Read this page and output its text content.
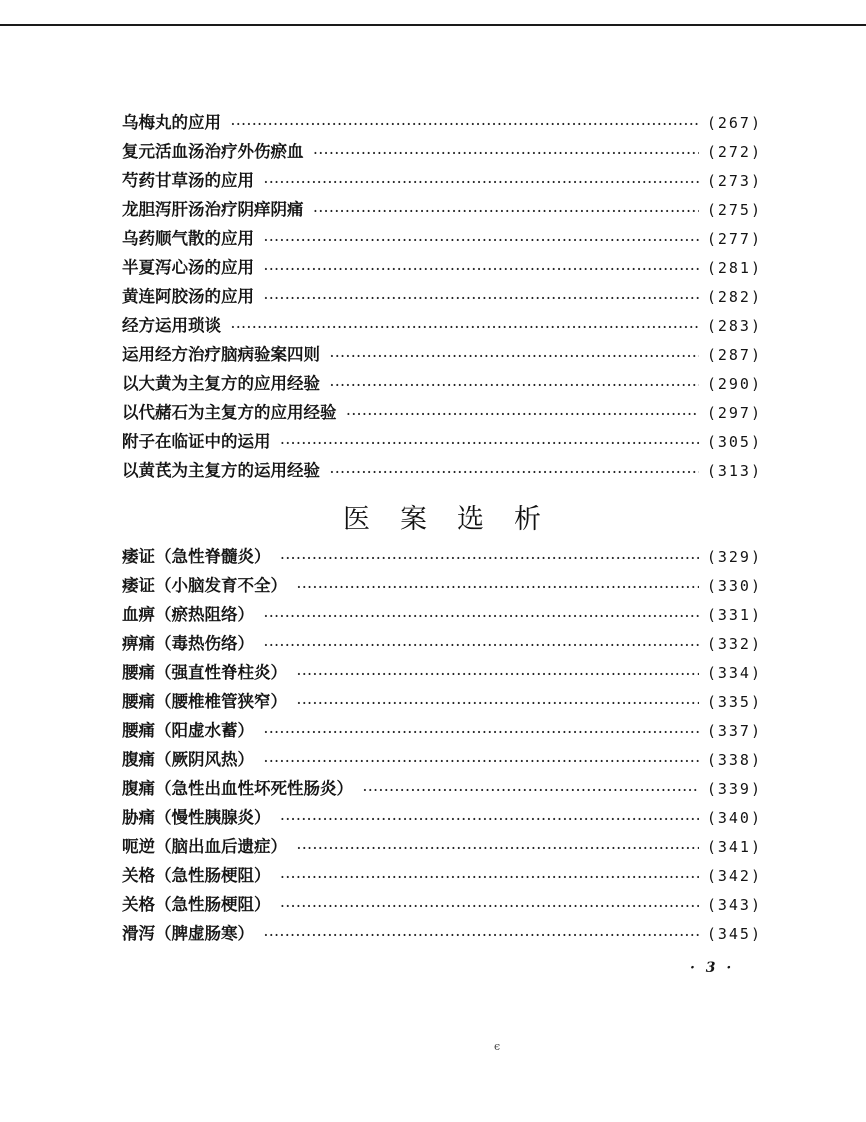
乌梅丸的应用 ·····	(267)
复元活血汤治疗外伤瘀血 ·····	(272)
芍药甘草汤的应用 ·····	(273)
龙胆泻肝汤治疗阴痒阴痛 ·····	(275)
乌药顺气散的应用 ·····	(277)
半夏泻心汤的应用 ·····	(281)
黄连阿胶汤的应用 ·····	(282)
经方运用琐谈 ·····	(283)
运用经方治疗脑病验案四则 ·····	(287)
以大黄为主复方的应用经验 ·····	(290)
以代赭石为主复方的应用经验 ·····	(297)
附子在临证中的运用 ·····	(305)
以黄芪为主复方的运用经验 ·····	(313)
医案选析
痿证（急性脊髓炎） ·····	(329)
痿证（小脑发育不全） ·····	(330)
血痹（瘀热阻络） ·····	(331)
痹痛（毒热伤络） ·····	(332)
腰痛（强直性脊柱炎） ·····	(334)
腰痛（腰椎椎管狭窄） ·····	(335)
腰痛（阳虚水蓄） ·····	(337)
腹痛（厥阴风热） ·····	(338)
腹痛（急性出血性坏死性肠炎） ·····	(339)
胁痛（慢性胰腺炎） ·····	(340)
呃逆（脑出血后遗症） ·····	(341)
关格（急性肠梗阻） ·····	(342)
关格（急性肠梗阻） ·····	(343)
滑泻（脾虚肠寒） ·····	(345)
· 3 ·
ϵ
